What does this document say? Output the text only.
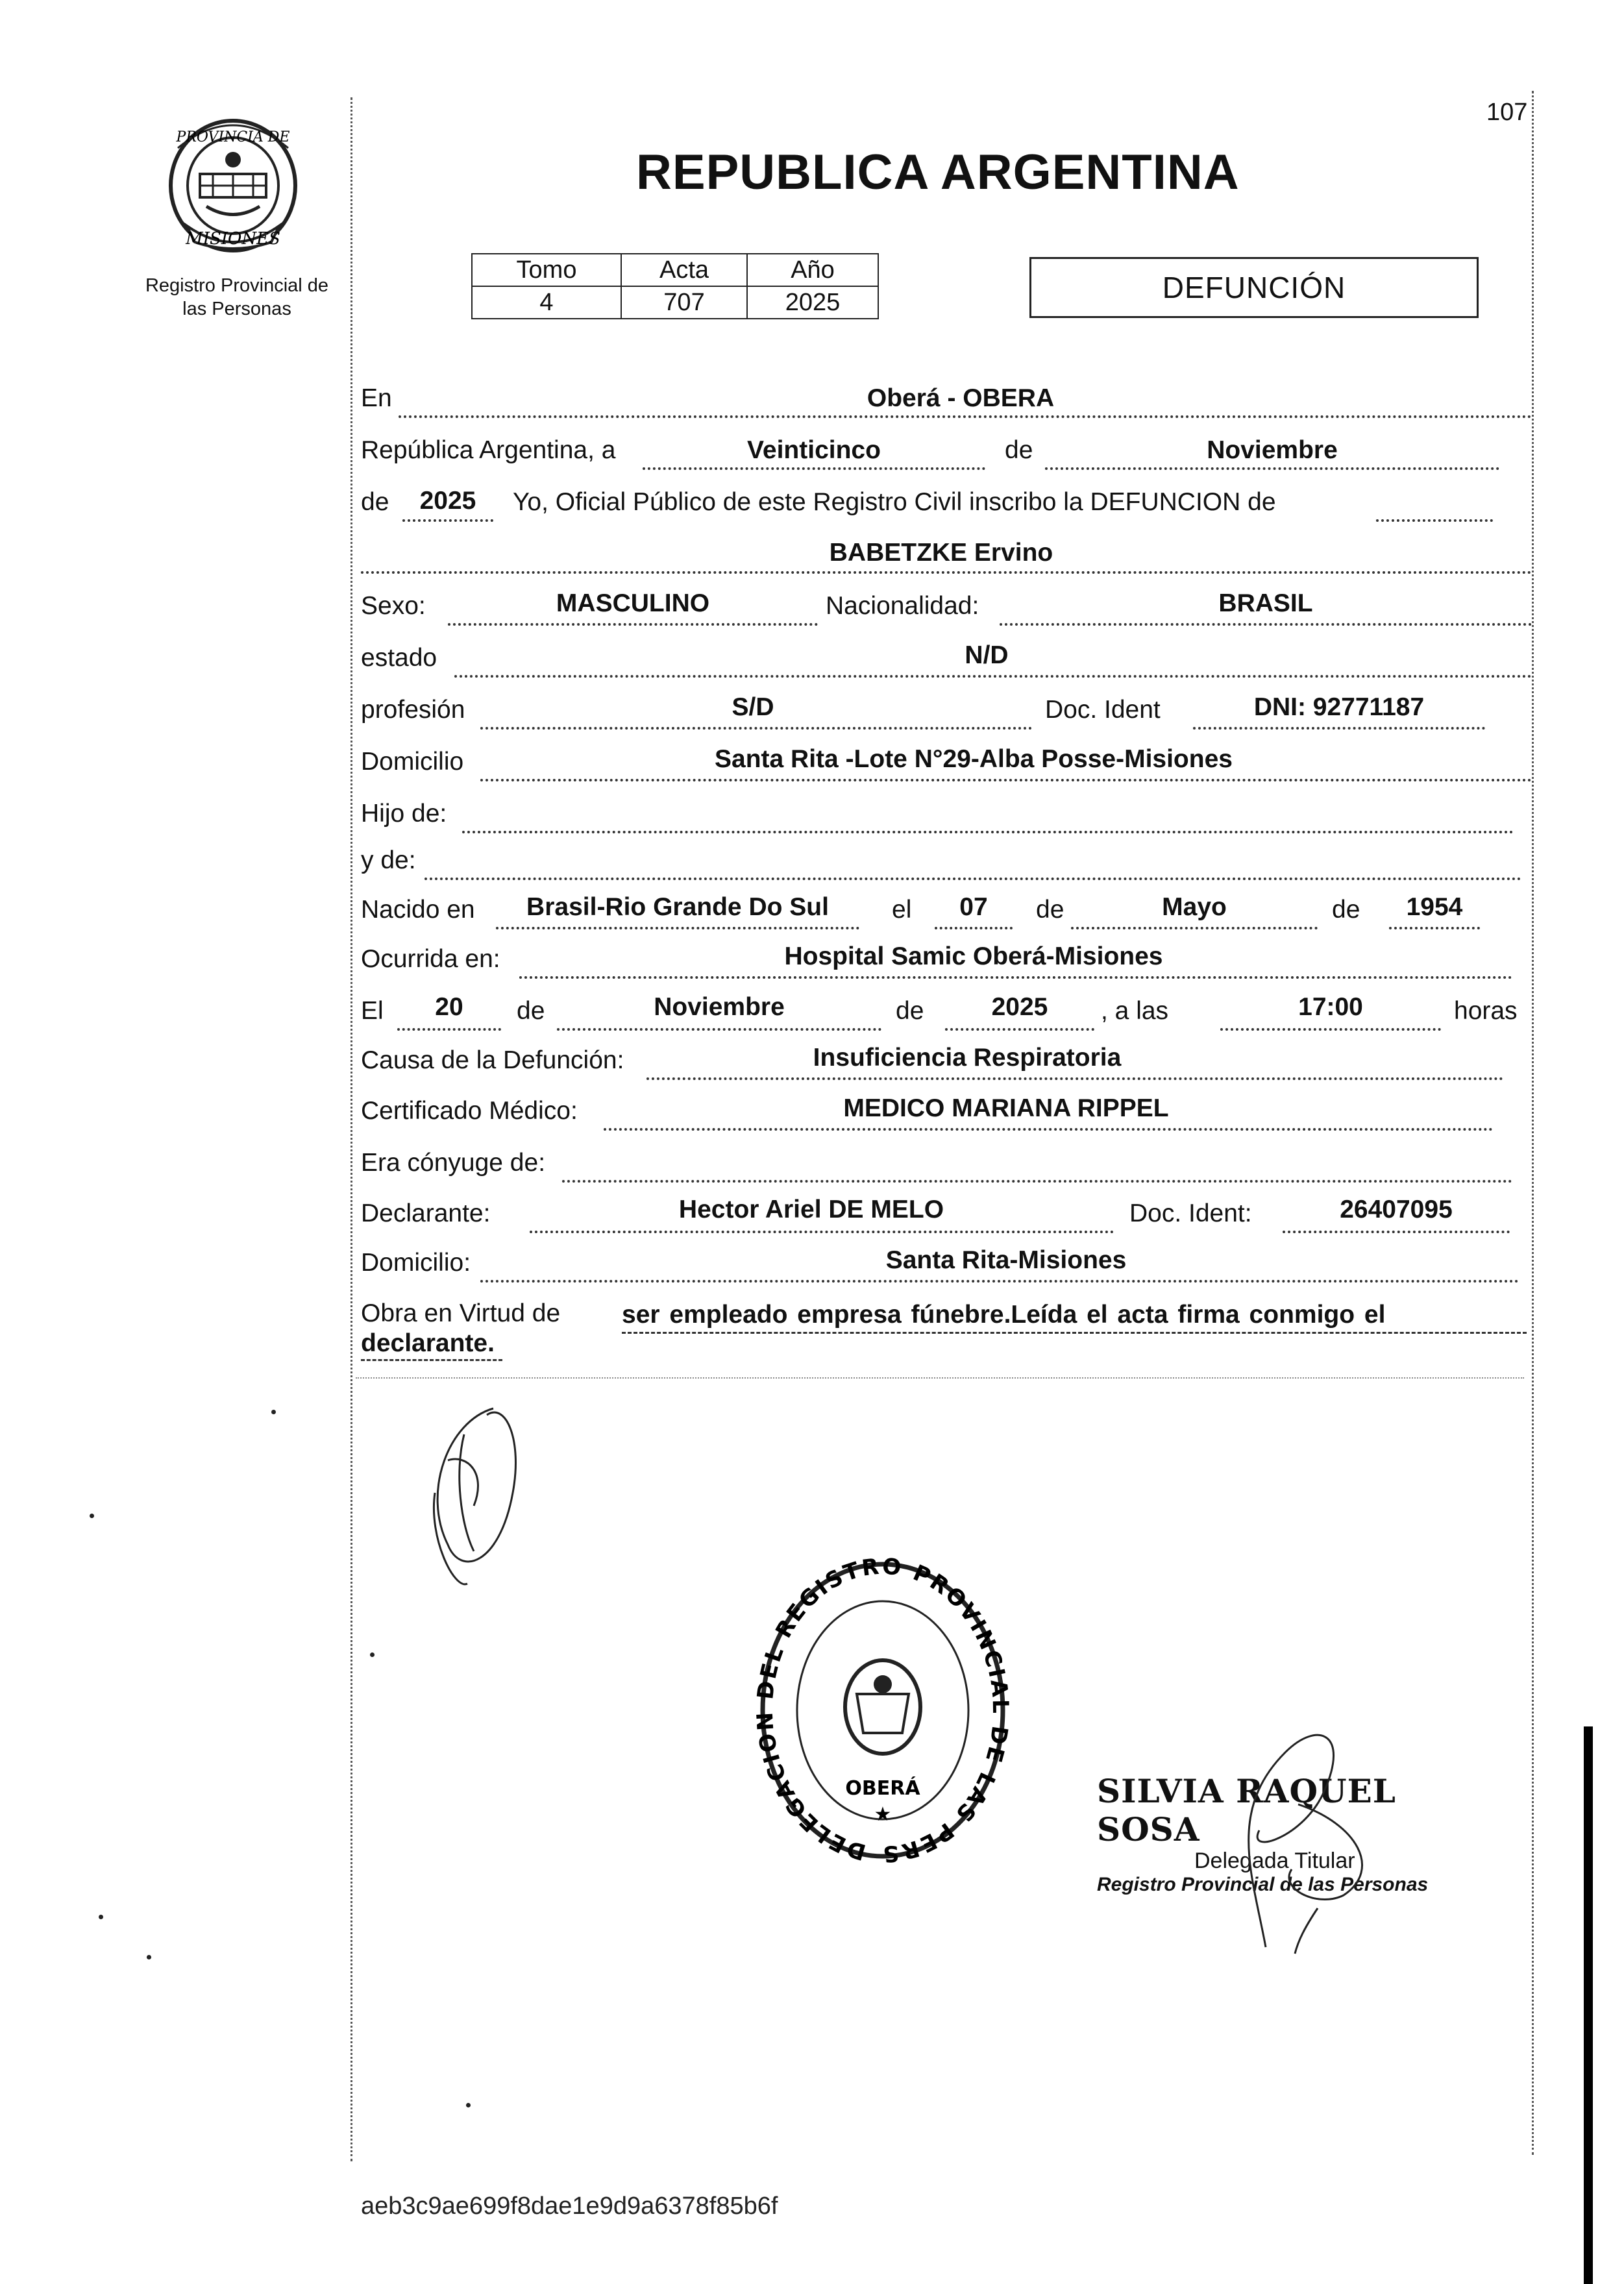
PROVINCIA DE
MISIONES
Registro Provincial de
las Personas
107
REPUBLICA ARGENTINA
Tomo	Acta	Año
4	707	2025	DEFUNCIÓN
En	Oberá - OBERA
República Argentina, a	Veinticinco	de	Noviembre
de	2025	Yo, Oficial Público de este Registro Civil inscribo la DEFUNCION de
BABETZKE Ervino
Sexo:	MASCULINO	Nacionalidad:	BRASIL
estado	N/D
profesión	S/D	Doc. Ident	DNI: 92771187
Domicilio	Santa Rita -Lote N°29-Alba Posse-Misiones
Hijo de:
y de:
Nacido en	Brasil-Rio Grande Do Sul	el	07	de	Mayo	de	1954
Ocurrida en:	Hospital Samic Oberá-Misiones
El	20	de	Noviembre	de	2025	, a las	17:00	horas
Causa de la Defunción:	Insuficiencia Respiratoria
Certificado Médico:	MEDICO MARIANA RIPPEL
Era cónyuge de:
Declarante:	Hector Ariel DE MELO	Doc. Ident:	26407095
Domicilio:	Santa Rita-Misiones
Obra en Virtud de ser empleado empresa fúnebre.Leída el acta firma conmigo el
declarante.
DELEGACION DEL REGISTRO PROVINCIAL DE LAS PERS
OBERÁ
★
SILVIA RAQUEL SOSA
Delegada Titular
Registro Provincial de las Personas
aeb3c9ae699f8dae1e9d9a6378f85b6f
